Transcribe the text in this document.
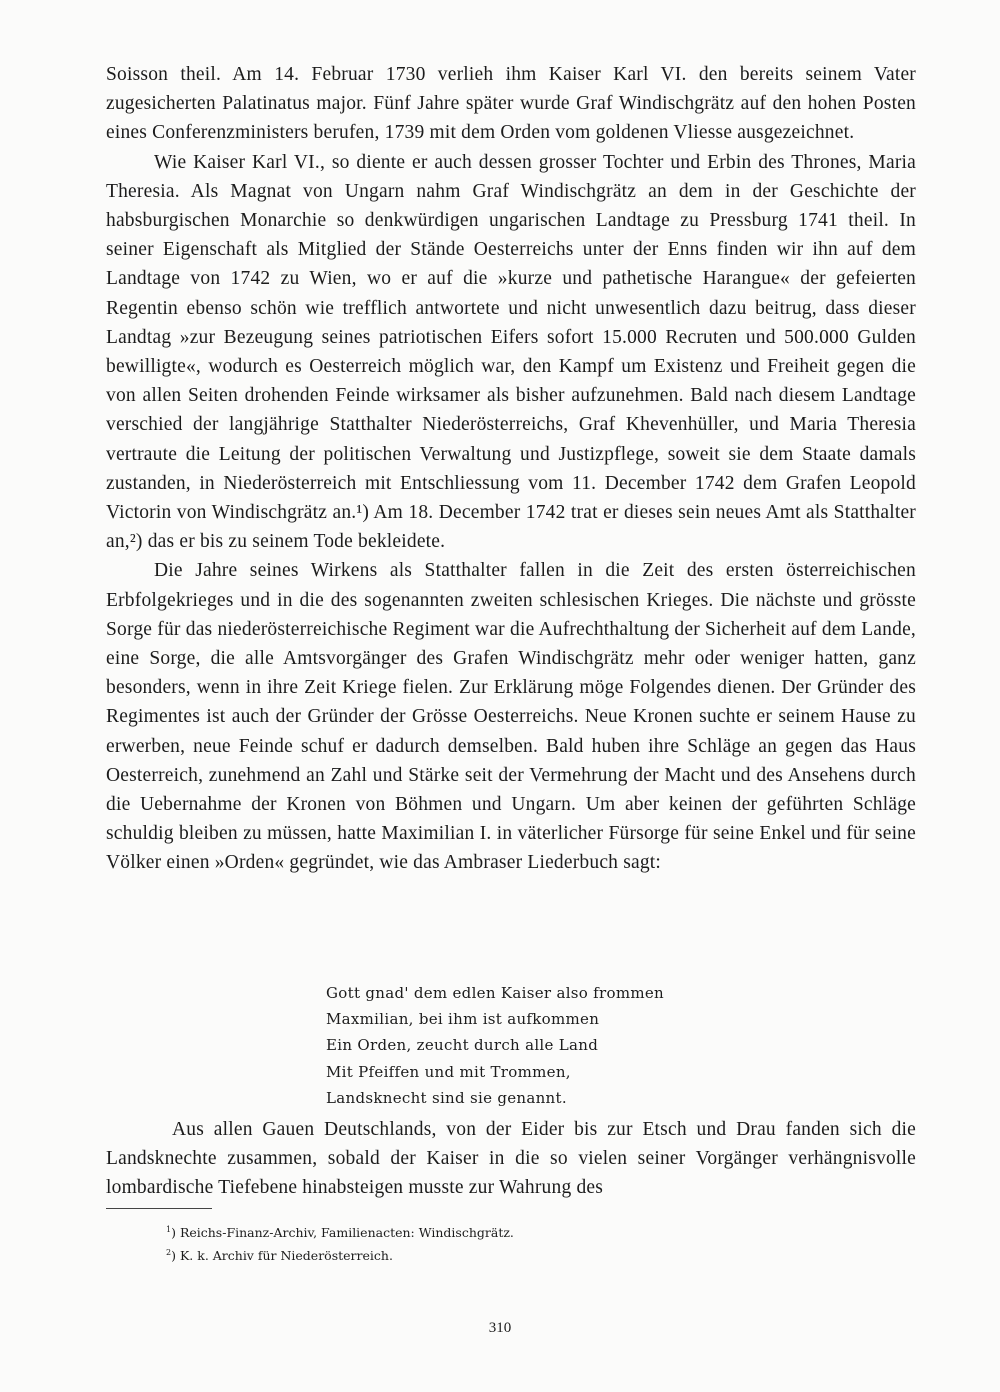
Soisson theil. Am 14. Februar 1730 verlieh ihm Kaiser Karl VI. den bereits seinem Vater zugesicherten Palatinatus major. Fünf Jahre später wurde Graf Windischgrätz auf den hohen Posten eines Conferenzministers berufen, 1739 mit dem Orden vom goldenen Vliesse ausgezeichnet.

Wie Kaiser Karl VI., so diente er auch dessen grosser Tochter und Erbin des Thrones, Maria Theresia. Als Magnat von Ungarn nahm Graf Windischgrätz an dem in der Geschichte der habsburgischen Monarchie so denkwürdigen ungarischen Landtage zu Pressburg 1741 theil. In seiner Eigenschaft als Mitglied der Stände Oesterreichs unter der Enns finden wir ihn auf dem Landtage von 1742 zu Wien, wo er auf die »kurze und pathetische Harangue« der gefeierten Regentin ebenso schön wie trefflich antwortete und nicht unwesentlich dazu beitrug, dass dieser Landtag »zur Bezeugung seines patriotischen Eifers sofort 15.000 Recruten und 500.000 Gulden bewilligte«, wodurch es Oesterreich möglich war, den Kampf um Existenz und Freiheit gegen die von allen Seiten drohenden Feinde wirksamer als bisher aufzunehmen. Bald nach diesem Landtage verschied der langjährige Statthalter Niederösterreichs, Graf Khevenhüller, und Maria Theresia vertraute die Leitung der politischen Verwaltung und Justizpflege, soweit sie dem Staate damals zustanden, in Niederösterreich mit Entschliessung vom 11. December 1742 dem Grafen Leopold Victorin von Windischgrätz an.¹) Am 18. December 1742 trat er dieses sein neues Amt als Statthalter an,²) das er bis zu seinem Tode bekleidete.

Die Jahre seines Wirkens als Statthalter fallen in die Zeit des ersten österreichischen Erbfolgekrieges und in die des sogenannten zweiten schlesischen Krieges. Die nächste und grösste Sorge für das niederösterreichische Regiment war die Aufrechthaltung der Sicherheit auf dem Lande, eine Sorge, die alle Amtsvorgänger des Grafen Windischgrätz mehr oder weniger hatten, ganz besonders, wenn in ihre Zeit Kriege fielen. Zur Erklärung möge Folgendes dienen. Der Gründer des Regimentes ist auch der Gründer der Grösse Oesterreichs. Neue Kronen suchte er seinem Hause zu erwerben, neue Feinde schuf er dadurch demselben. Bald huben ihre Schläge an gegen das Haus Oesterreich, zunehmend an Zahl und Stärke seit der Vermehrung der Macht und des Ansehens durch die Uebernahme der Kronen von Böhmen und Ungarn. Um aber keinen der geführten Schläge schuldig bleiben zu müssen, hatte Maximilian I. in väterlicher Fürsorge für seine Enkel und für seine Völker einen »Orden« gegründet, wie das Ambraser Liederbuch sagt:

Gott gnad' dem edlen Kaiser also frommen
Maxmilian, bei ihm ist aufkommen
Ein Orden, zeucht durch alle Land
Mit Pfeiffen und mit Trommen,
Landsknecht sind sie genannt.

Aus allen Gauen Deutschlands, von der Eider bis zur Etsch und Drau fanden sich die Landsknechte zusammen, sobald der Kaiser in die so vielen seiner Vorgänger verhängnisvolle lombardische Tiefebene hinabsteigen musste zur Wahrung des

$^1$) Reichs-Finanz-Archiv, Familienacten: Windischgrätz.
$^2$) K. k. Archiv für Niederösterreich.
310
